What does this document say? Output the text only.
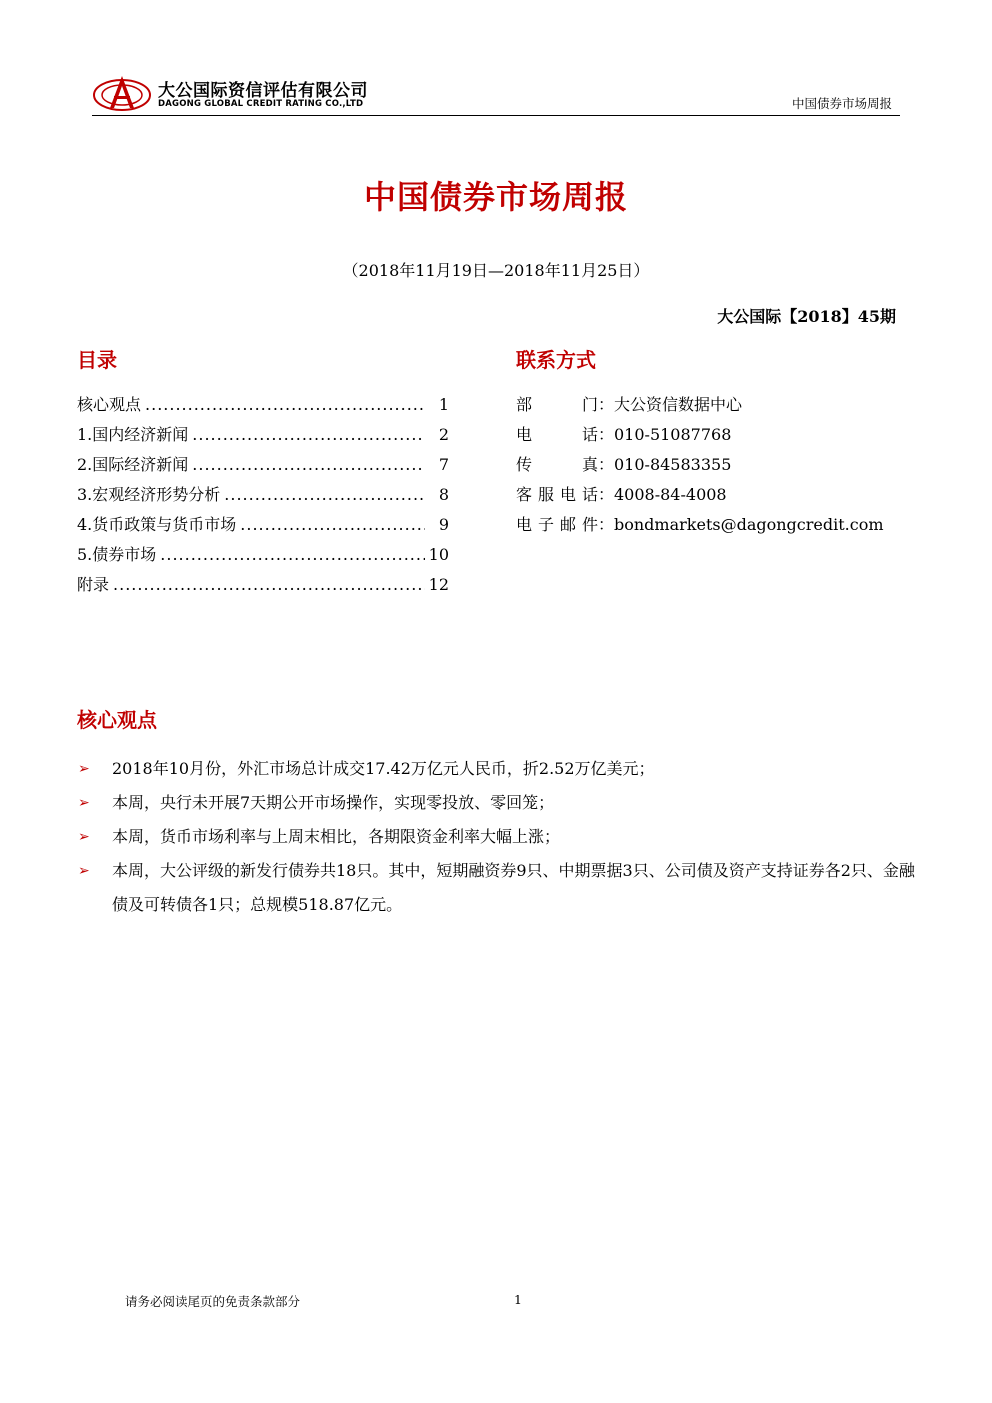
大公国际资信评估有限公司
DAGONG GLOBAL CREDIT RATING CO.,LTD	中国债券市场周报
中国债券市场周报
（2018年11月19日—2018年11月25日）
大公国际【2018】45期
目录
核心观点 .....	1
1.国内经济新闻 .....	2
2.国际经济新闻 .....	7
3.宏观经济形势分析 .....	8
4.货币政策与货币市场 .....	9
5.债券市场 .....	10
附录 .....	12
联系方式
部门 ： 大公资信数据中心
电话 ： 010-51087768
传真 ： 010-84583355
客服电话 ： 4008-84-4008
电子邮件 ： bondmarkets@dagongcredit.com
核心观点
➢	2018年10月份，外汇市场总计成交17.42万亿元人民币，折2.52万亿美元；
➢	本周，央行未开展7天期公开市场操作，实现零投放、零回笼；
➢	本周，货币市场利率与上周末相比，各期限资金利率大幅上涨；
➢	本周，大公评级的新发行债券共18只。其中，短期融资券9只、中期票据3只、公司债及资产支持证券各2只、金融债及可转债各1只；总规模518.87亿元。
请务必阅读尾页的免责条款部分	1
